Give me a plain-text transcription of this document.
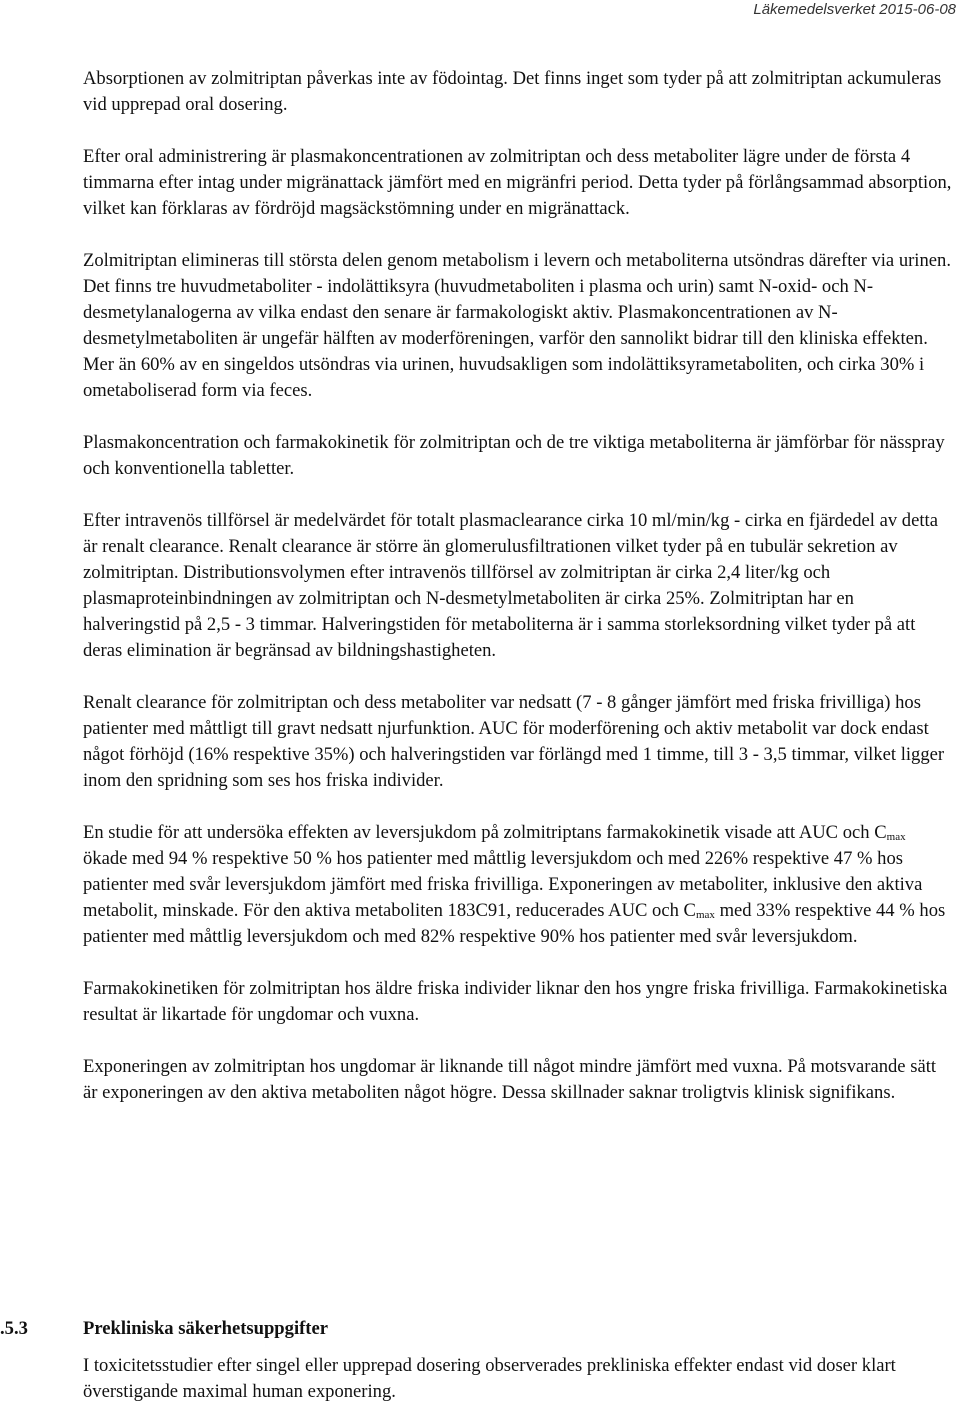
Läkemedelsverket 2015-06-08

Absorptionen av zolmitriptan påverkas inte av födointag. Det finns inget som tyder på att zolmitriptan ackumuleras vid upprepad oral dosering.

Efter oral administrering är plasmakoncentrationen av zolmitriptan och dess metaboliter lägre under de första 4 timmarna efter intag under migränattack jämfört med en migränfri period. Detta tyder på förlångsammad absorption, vilket kan förklaras av fördröjd magsäckstömning under en migränattack.

Zolmitriptan elimineras till största delen genom metabolism i levern och metaboliterna utsöndras därefter via urinen. Det finns tre huvudmetaboliter - indolättiksyra (huvudmetaboliten i plasma och urin) samt N-oxid- och N-desmetylanalogerna av vilka endast den senare är farmakologiskt aktiv. Plasmakoncentrationen av N-desmetylmetaboliten är ungefär hälften av moderföreningen, varför den sannolikt bidrar till den kliniska effekten. Mer än 60% av en singeldos utsöndras via urinen, huvudsakligen som indolättiksyrametaboliten, och cirka 30% i ometaboliserad form via feces.

Plasmakoncentration och farmakokinetik för zolmitriptan och de tre viktiga metaboliterna är jämförbar för nässpray och konventionella tabletter.

Efter intravenös tillförsel är medelvärdet för totalt plasmaclearance cirka 10 ml/min/kg - cirka en fjärdedel av detta är renalt clearance. Renalt clearance är större än glomerulusfiltrationen vilket tyder på en tubulär sekretion av zolmitriptan. Distributionsvolymen efter intravenös tillförsel av zolmitriptan är cirka 2,4 liter/kg och plasmaproteinbindningen av zolmitriptan och N-desmetylmetaboliten är cirka 25%. Zolmitriptan har en halveringstid på 2,5 - 3 timmar. Halveringstiden för metaboliterna är i samma storleksordning vilket tyder på att deras elimination är begränsad av bildningshastigheten.

Renalt clearance för zolmitriptan och dess metaboliter var nedsatt (7 - 8 gånger jämfört med friska frivilliga) hos patienter med måttligt till gravt nedsatt njurfunktion. AUC för moderförening och aktiv metabolit var dock endast något förhöjd (16% respektive 35%) och halveringstiden var förlängd med 1 timme, till 3 - 3,5 timmar, vilket ligger inom den spridning som ses hos friska individer.

En studie för att undersöka effekten av leversjukdom på zolmitriptans farmakokinetik visade att AUC och $C_{max}$ ökade med 94 % respektive 50 % hos patienter med måttlig leversjukdom och med 226% respektive 47 % hos patienter med svår leversjukdom jämfört med friska frivilliga. Exponeringen av metaboliter, inklusive den aktiva metabolit, minskade. För den aktiva metaboliten 183C91, reducerades AUC och $C_{max}$ med 33% respektive 44 % hos patienter med måttlig leversjukdom och med 82% respektive 90% hos patienter med svår leversjukdom.

Farmakokinetiken för zolmitriptan hos äldre friska individer liknar den hos yngre friska frivilliga. Farmakokinetiska resultat är likartade för ungdomar och vuxna.

Exponeringen av zolmitriptan hos ungdomar är liknande till något mindre jämfört med vuxna. På motsvarande sätt är exponeringen av den aktiva metaboliten något högre. Dessa skillnader saknar troligtvis klinisk signifikans.

.5.3	Prekliniska säkerhetsuppgifter

I toxicitetsstudier efter singel eller upprepad dosering observerades prekliniska effekter endast vid doser klart överstigande maximal human exponering.
